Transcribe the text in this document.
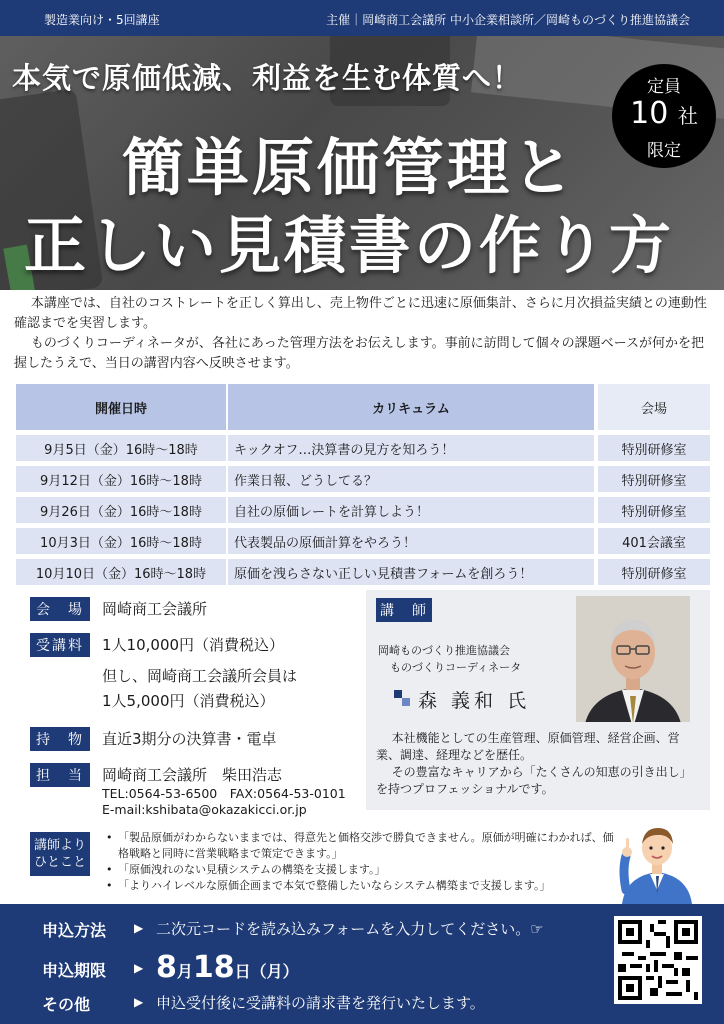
製造業向け・5回講座	主催｜岡崎商工会議所 中小企業相談所／岡崎ものづくり推進協議会
本気で原価低減、利益を生む体質へ！
簡単原価管理と
正しい見積書の作り方
定員
10 社
限定

本講座では、自社のコストレートを正しく算出し、売上物件ごとに迅速に原価集計、さらに月次損益実績との連動性確認までを実習します。

ものづくりコーディネータが、各社にあった管理方法をお伝えします。事前に訪問して個々の課題ベースが何かを把握したうえで、当日の講習内容へ反映させます。

開催日時	カリキュラム	会場
9月5日（金）16時〜18時	キックオフ…決算書の見方を知ろう！	特別研修室
9月12日（金）16時〜18時	作業日報、どうしてる？	特別研修室
9月26日（金）16時〜18時	自社の原価レートを計算しよう！	特別研修室
10月3日（金）16時〜18時	代表製品の原価計算をやろう！	401会議室
10月10日（金）16時〜18時	原価を洩らさない正しい見積書フォームを創ろう！	特別研修室
会　場	岡崎商工会議所
受講料	1人10,000円（消費税込）
但し、岡崎商工会議所会員は
1人5,000円（消費税込）
持　物	直近3期分の決算書・電卓
担　当	岡崎商工会議所　柴田浩志
TEL:0564-53-6500　FAX:0564-53-0101
E-mail:kshibata@okazakicci.or.jp
講　師
岡崎ものづくり推進協議会
ものづくりコーディネータ
森 義和 氏

本社機能としての生産管理、原価管理、経営企画、営業、調達、経理などを歴任。

その豊富なキャリアから「たくさんの知恵の引き出し」を持つプロフェッショナルです。

講師より
ひとこと
• 「製品原価がわからないままでは、得意先と価格交渉で勝負できません。原価が明確にわかれば、価格戦略と同時に営業戦略まで策定できます。」
• 「原価洩れのない見積システムの構築を支援します。」
• 「よりハイレベルな原価企画まで本気で整備したいならシステム構築まで支援します。」
申込方法 ▶ 二次元コードを読み込みフォームを入力してください。☞
申込期限 ▶ 8月18日（月）
その他	▶ 申込受付後に受講料の請求書を発行いたします。
